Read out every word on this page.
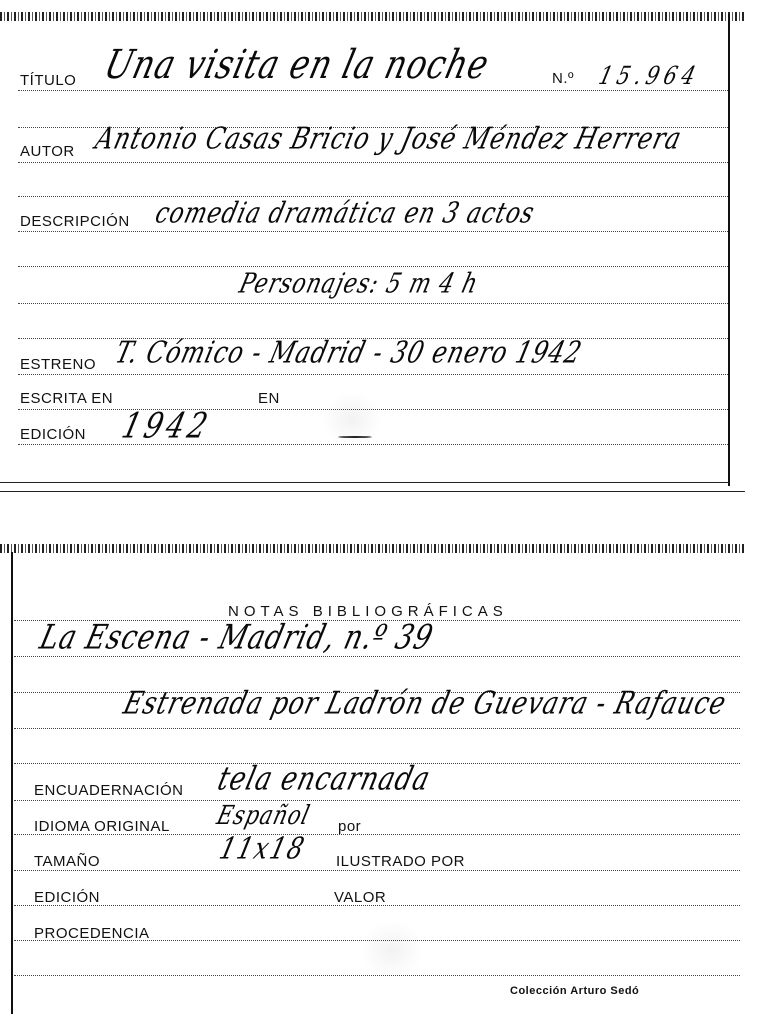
TÍTULO Una visita en la noche	N.º 15.964
AUTOR Antonio Casas Bricio y José Méndez Herrera
DESCRIPCIÓN comedia dramática en 3 actos
Personajes: 5 m 4 h
ESTRENO T. Cómico - Madrid - 30 enero 1942
ESCRITA EN	EN
EDICIÓN 1942
NOTAS BIBLIOGRÁFICAS
La Escena - Madrid, n.º 39
Estrenada por Ladrón de Guevara - Rafauce
ENCUADERNACIÓN tela encarnada
IDIOMA ORIGINAL Español por
TAMAÑO	11x18 ILUSTRADO POR
EDICIÓN	VALOR
PROCEDENCIA
Colección Arturo Sedó
